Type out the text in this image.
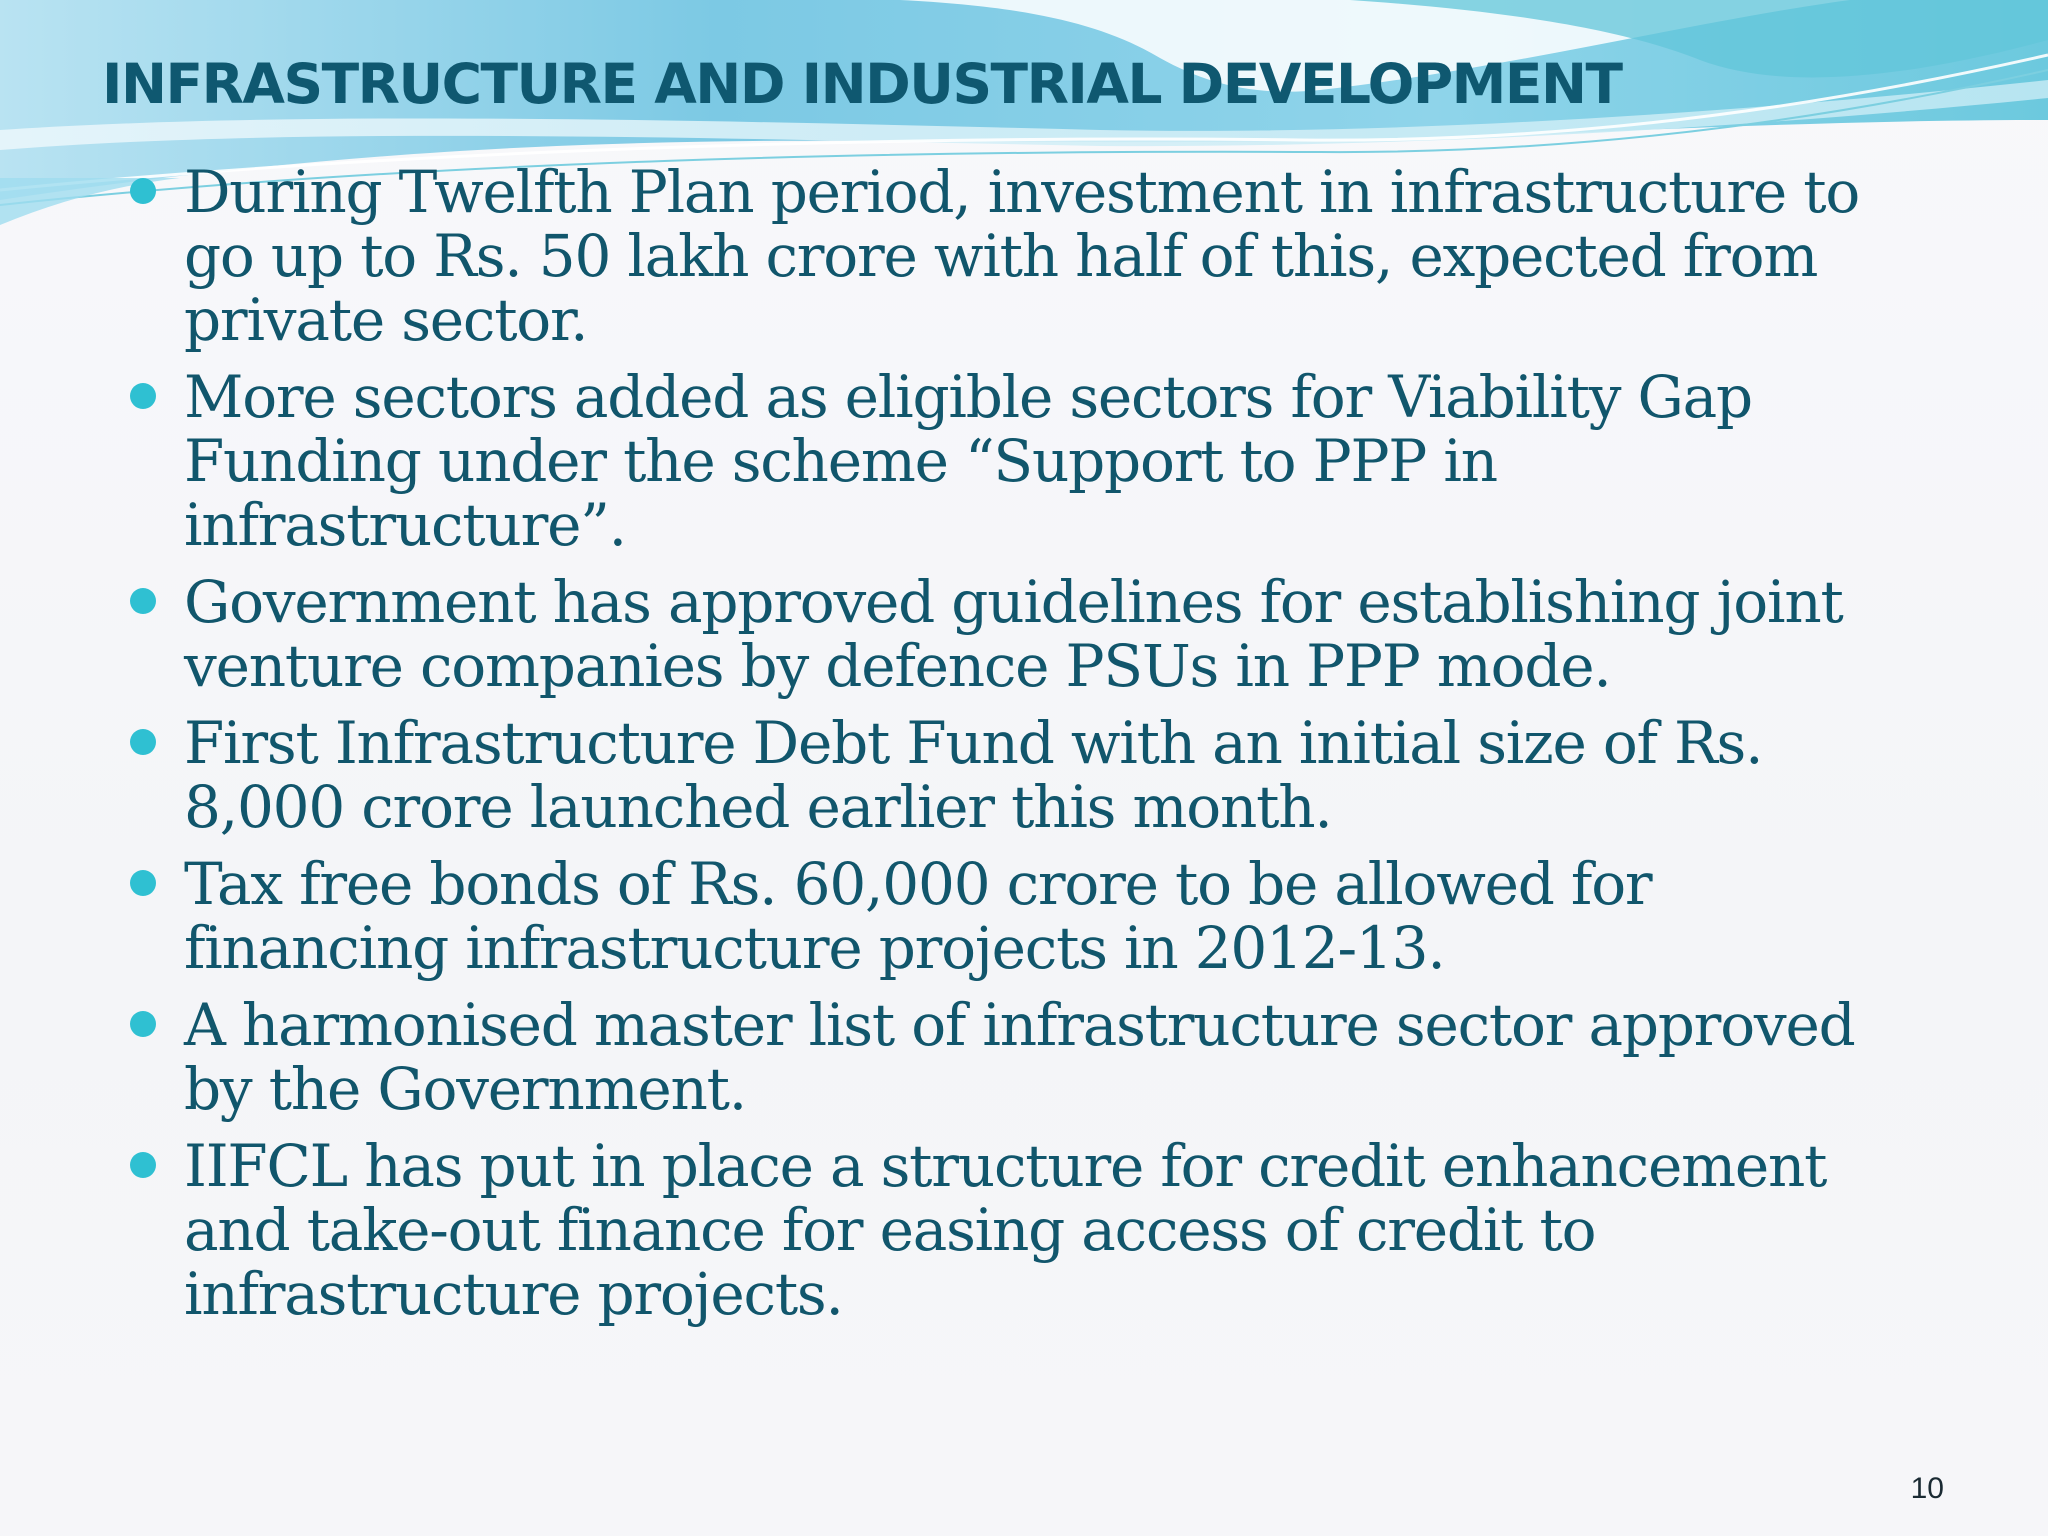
INFRASTRUCTURE AND INDUSTRIAL DEVELOPMENT
During Twelfth Plan period, investment in infrastructure to go up to Rs. 50 lakh crore with half of this, expected from private sector.
More sectors added as eligible sectors for Viability Gap Funding under the scheme “Support to PPP in infrastructure”.
Government has approved guidelines for establishing joint venture companies by defence PSUs in PPP mode.
First Infrastructure Debt Fund with an initial size of Rs. 8,000 crore launched earlier this month.
Tax free bonds of Rs. 60,000 crore to be allowed for financing infrastructure projects in 2012-13.
A harmonised master list of infrastructure sector approved by the Government.
IIFCL has put in place a structure for credit enhancement and take-out finance for easing access of credit to infrastructure projects.
10
